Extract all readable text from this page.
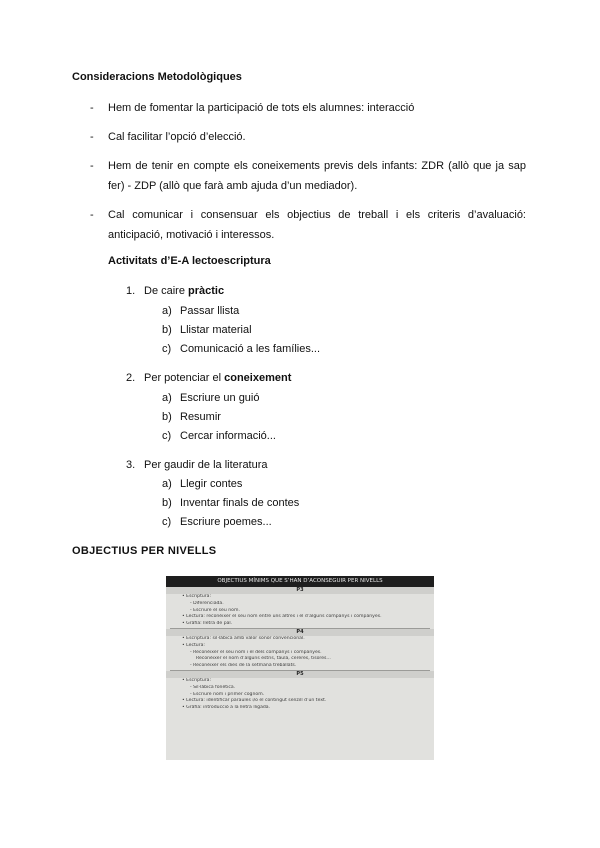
Consideracions Metodològiques
- Hem de fomentar la participació de tots els alumnes: interacció
- Cal facilitar l’opció d’elecció.
- Hem de tenir en compte els coneixements previs dels infants: ZDR (allò que ja sap fer) - ZDP (allò que farà amb ajuda d’un mediador).
- Cal comunicar i consensuar els objectius de treball i els criteris d’avaluació: anticipació, motivació i interessos.
Activitats d’E-A lectoescriptura
1. De caire pràctic
a) Passar llista
b) Llistar material
c) Comunicació a les famílies...
2. Per potenciar el coneixement
a) Escriure un guió
b) Resumir
c) Cercar informació...
3. Per gaudir de la literatura
a) Llegir contes
b) Inventar finals de contes
c) Escriure poemes...
OBJECTIUS PER NIVELLS
OBJECTIUS MÍNIMS QUE S’HAN D’ACONSEGUIR PER NIVELLS
P3
• Escriptura:
- Diferenciada.
- Escriure el seu nom.
• Lectura: reconèixer el seu nom entre uns altres i el d’alguns companys i companyes.
• Gràfia: lletra de pal.
P4
• Escriptura: sil·làbica amb valor sonor convencional.
• Lectura:
- Reconèixer el seu nom i el dels companys i companyes.
Reconèixer el nom d’alguns estris, taula, cereres, tisores...
- Reconèixer els dies de la setmana treballats.
P5
• Escriptura:
- Sil·làbica fonètica.
- Escriure nom i primer cognom.
• Lectura: identificar paraules i/o el contingut senzill d’un text.
• Gràfia: introducció a la lletra lligada.
